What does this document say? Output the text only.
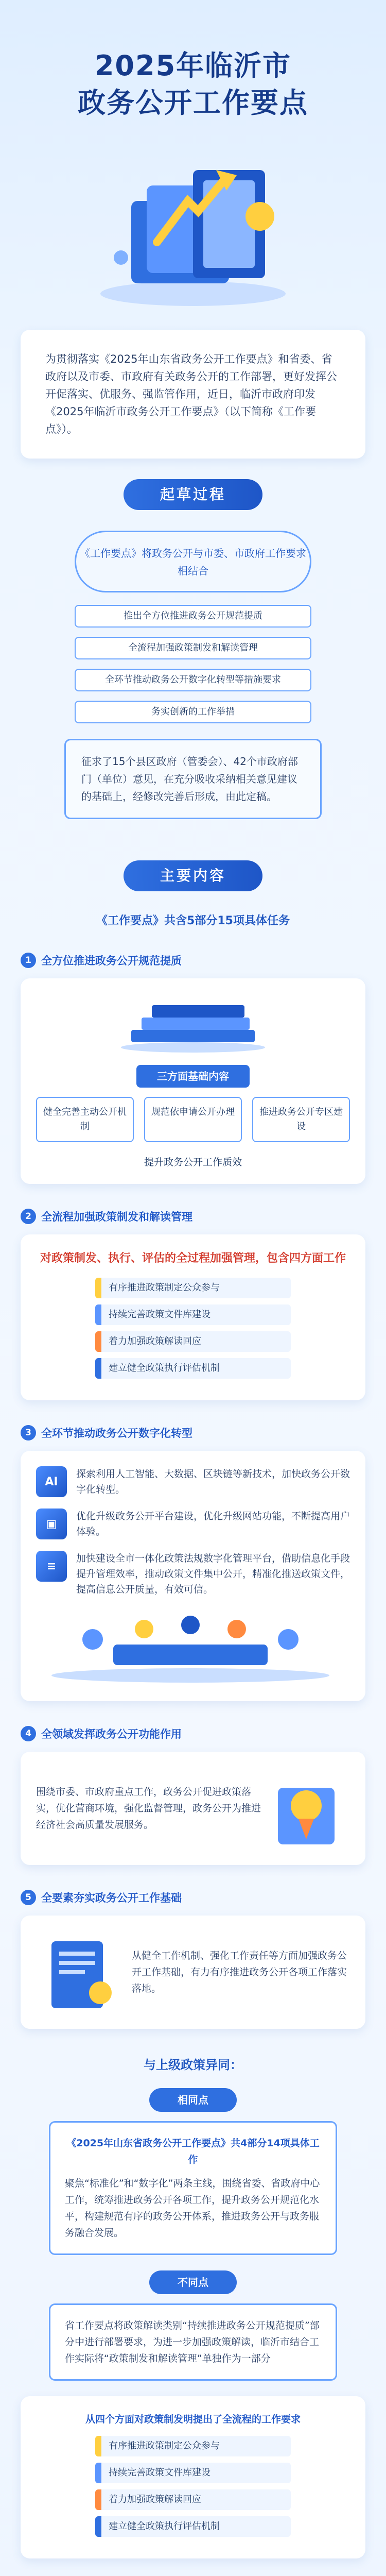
2025年临沂市
政务公开工作要点

为贯彻落实《2025年山东省政务公开工作要点》和省委、省政府以及市委、市政府有关政务公开的工作部署，更好发挥公开促落实、优服务、强监管作用，近日，临沂市政府印发《2025年临沂市政务公开工作要点》（以下简称《工作要点》）。

起草过程
《工作要点》将政务公开与市委、市政府工作要求相结合
推出全方位推进政务公开规范提质
全流程加强政策制发和解读管理
全环节推动政务公开数字化转型等措施要求
务实创新的工作举措
征求了15个县区政府（管委会）、42个市政府部门（单位）意见，在充分吸收采纳相关意见建议的基础上，经修改完善后形成，由此定稿。
主要内容
《工作要点》共含5部分15项具体任务
1 全方位推进政务公开规范提质
三方面基础内容
健全完善主动公开机制
规范依申请公开办理	推进政务公开专区建设
提升政务公开工作质效
2 全流程加强政策制发和解读管理
对政策制发、执行、评估的全过程加强管理，包含四方面工作
有序推进政策制定公众参与
持续完善政策文件库建设
着力加强政策解读回应
建立健全政策执行评估机制
3 全环节推动政务公开数字化转型
AI
探索利用人工智能、大数据、区块链等新技术，加快政务公开数字化转型。
▣
优化升级政务公开平台建设，优化升级网站功能，不断提高用户体验。
≡
加快建设全市一体化政策法规数字化管理平台，借助信息化手段提升管理效率，推动政策文件集中公开，精准化推送政策文件，提高信息公开质量，有效可信。
4 全领域发挥政务公开功能作用
围绕市委、市政府重点工作，政务公开促进政策落实，优化营商环境，强化监督管理，政务公开为推进经济社会高质量发展服务。
5 全要素夯实政务公开工作基础
从健全工作机制、强化工作责任等方面加强政务公开工作基础，有力有序推进政务公开各项工作落实落地。
与上级政策异同：
相同点
《2025年山东省政务公开工作要点》共4部分14项具体工作
聚焦“标准化”和“数字化”两条主线，围绕省委、省政府中心工作，统筹推进政务公开各项工作，提升政务公开规范化水平，构建规范有序的政务公开体系，推进政务公开与政务服务融合发展。
不同点
省工作要点将政策解读类别“持续推进政务公开规范提质”部分中进行部署要求，为进一步加强政策解读，临沂市结合工作实际将“政策制发和解读管理”单独作为一部分
从四个方面对政策制发明提出了全流程的工作要求
有序推进政策制定公众参与
持续完善政策文件库建设
着力加强政策解读回应
建立健全政策执行评估机制
